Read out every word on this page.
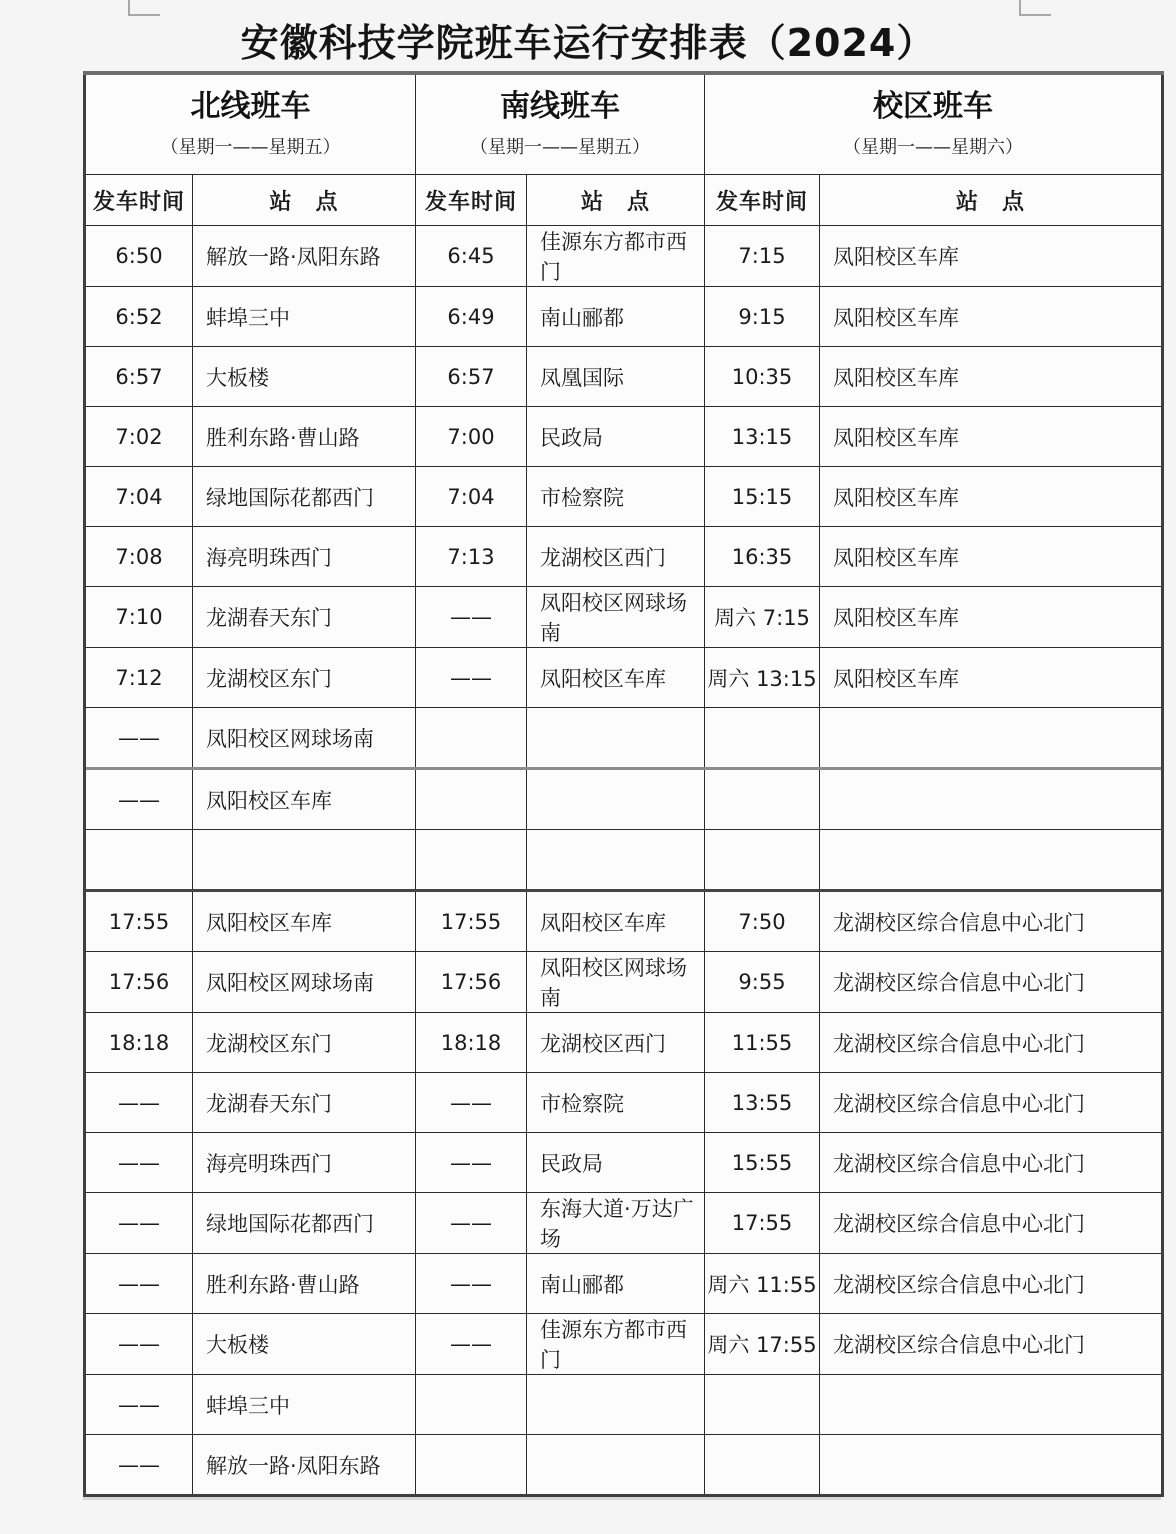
安徽科技学院班车运行安排表（2024）
北线班车
（星期一——星期五）

南线班车
（星期一——星期五）

校区班车
（星期一——星期六）

发车时间	站　点	发车时间	站　点	发车时间	站　点
6:50	解放一路·凤阳东路	6:45	佳源东方都市西门	7:15	凤阳校区车库
6:52	蚌埠三中	6:49	南山郦都	9:15	凤阳校区车库
6:57	大板楼	6:57	凤凰国际	10:35	凤阳校区车库
7:02	胜利东路·曹山路	7:00	民政局	13:15	凤阳校区车库
7:04	绿地国际花都西门	7:04	市检察院	15:15	凤阳校区车库
7:08	海亮明珠西门	7:13	龙湖校区西门	16:35	凤阳校区车库
7:10	龙湖春天东门	——	凤阳校区网球场南	周六 7:15	凤阳校区车库
7:12	龙湖校区东门	——	凤阳校区车库	周六 13:15	凤阳校区车库
——	凤阳校区网球场南				
——	凤阳校区车库				

17:55	凤阳校区车库	17:55	凤阳校区车库	7:50	龙湖校区综合信息中心北门
17:56	凤阳校区网球场南	17:56	凤阳校区网球场南	9:55	龙湖校区综合信息中心北门
18:18	龙湖校区东门	18:18	龙湖校区西门	11:55	龙湖校区综合信息中心北门
——	龙湖春天东门	——	市检察院	13:55	龙湖校区综合信息中心北门
——	海亮明珠西门	——	民政局	15:55	龙湖校区综合信息中心北门
——	绿地国际花都西门	——	东海大道·万达广场	17:55	龙湖校区综合信息中心北门
——	胜利东路·曹山路	——	南山郦都	周六 11:55	龙湖校区综合信息中心北门
——	大板楼	——	佳源东方都市西门	周六 17:55	龙湖校区综合信息中心北门
——	蚌埠三中				
——	解放一路·凤阳东路				
